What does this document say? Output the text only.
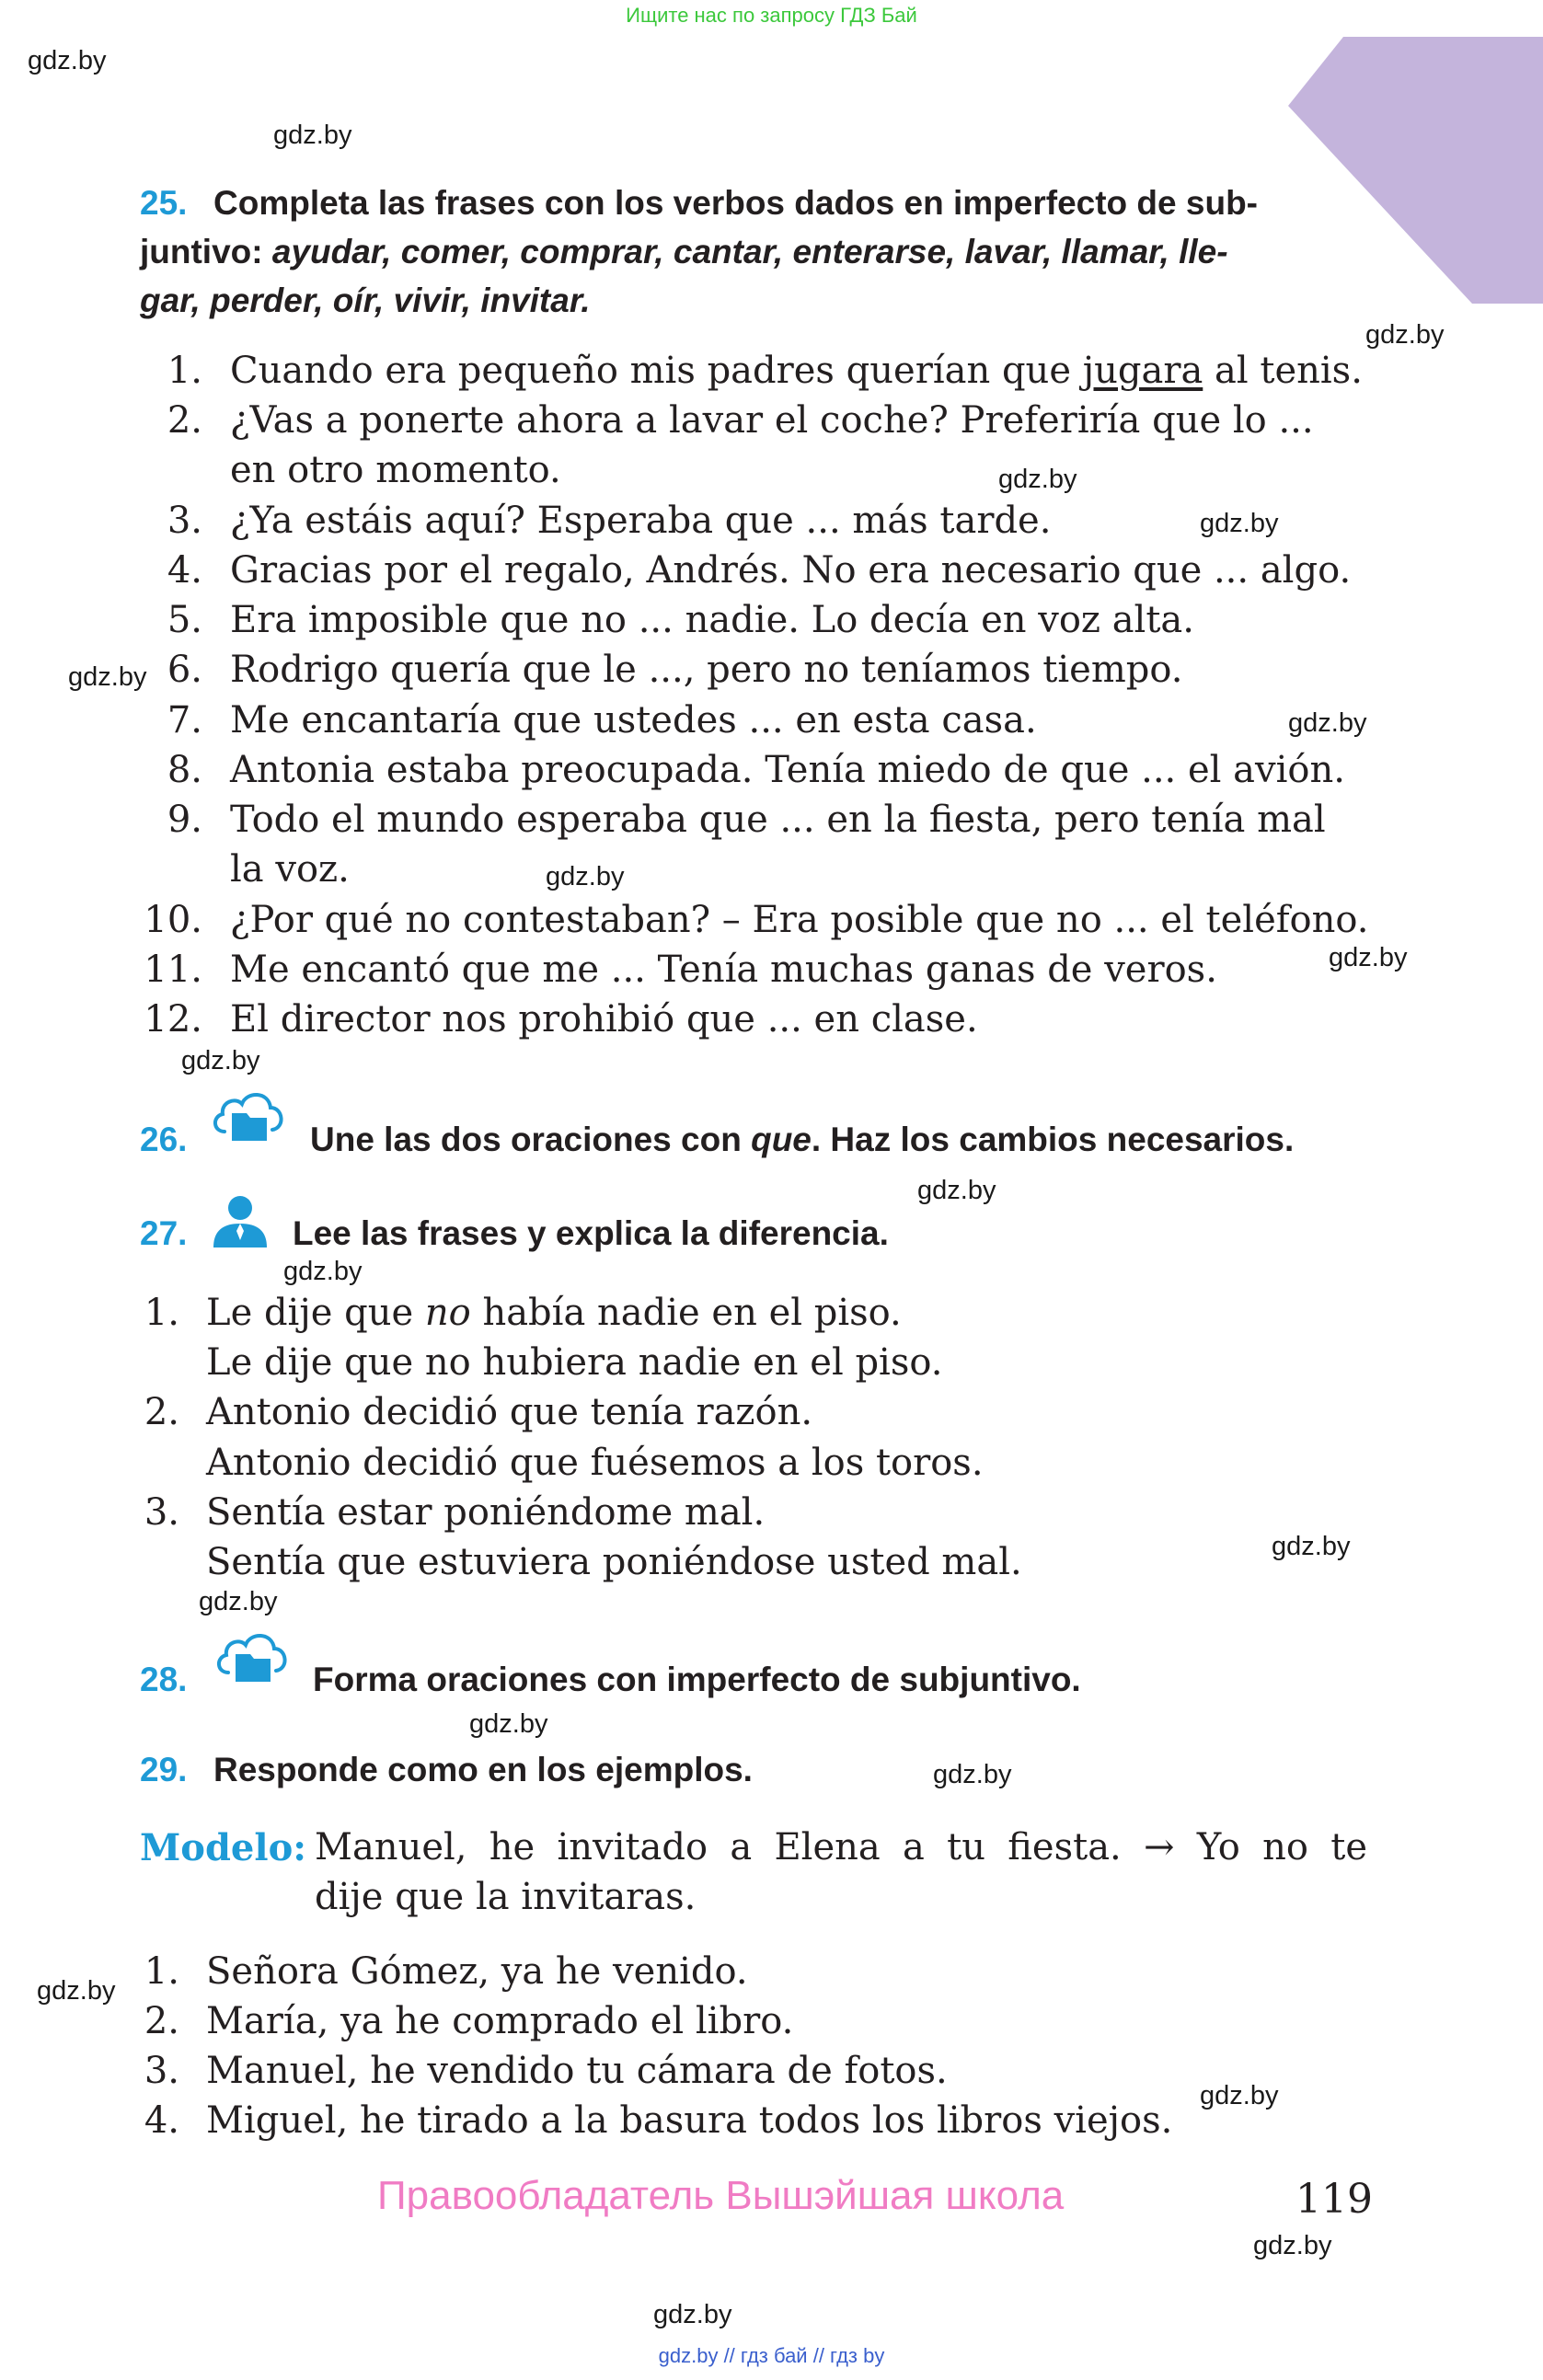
Ищите нас по запросу ГДЗ Бай
gdz.by
gdz.by
gdz.by
gdz.by
gdz.by
gdz.by
gdz.by
gdz.by
gdz.by
gdz.by
gdz.by
gdz.by
gdz.by
gdz.by
gdz.by
gdz.by
gdz.by
gdz.by
gdz.by
gdz.by
25. Completa las frases con los verbos dados en imperfecto de sub-
juntivo: ayudar, comer, comprar, cantar, enterarse, lavar, llamar, lle-
gar, perder, oír, vivir, invitar.
1. Cuando era pequeño mis padres querían que jugara al tenis.
2. ¿Vas a ponerte ahora a lavar el coche? Preferiría que lo ...
en otro momento.
3. ¿Ya estáis aquí? Esperaba que ... más tarde.
4. Gracias por el regalo, Andrés. No era necesario que ... algo.
5. Era imposible que no ... nadie. Lo decía en voz alta.
6. Rodrigo quería que le ..., pero no teníamos tiempo.
7. Me encantaría que ustedes ... en esta casa.
8. Antonia estaba preocupada. Tenía miedo de que ... el avión.
9. Todo el mundo esperaba que ... en la fiesta, pero tenía mal
la voz.
10. ¿Por qué no contestaban? – Era posible que no ... el teléfono.
11. Me encantó que me ... Tenía muchas ganas de veros.
12. El director nos prohibió que ... en clase.
26.	Une las dos oraciones con que. Haz los cambios necesarios.
27.	Lee las frases y explica la diferencia.
1. Le dije que no había nadie en el piso.
Le dije que no hubiera nadie en el piso.
2. Antonio decidió que tenía razón.
Antonio decidió que fuésemos a los toros.
3. Sentía estar poniéndome mal.
Sentía que estuviera poniéndose usted mal.
28.	Forma oraciones con imperfecto de subjuntivo.
29. Responde como en los ejemplos.
Modelo: Manuel, he invitado a Elena a tu fiesta. → Yo no te
dije que la invitaras.
1. Señora Gómez, ya he venido.
2. María, ya he comprado el libro.
3. Manuel, he vendido tu cámara de fotos.
4. Miguel, he tirado a la basura todos los libros viejos.
Правообладатель Вышэйшая школа	119
gdz.by // гдз бай // гдз by
